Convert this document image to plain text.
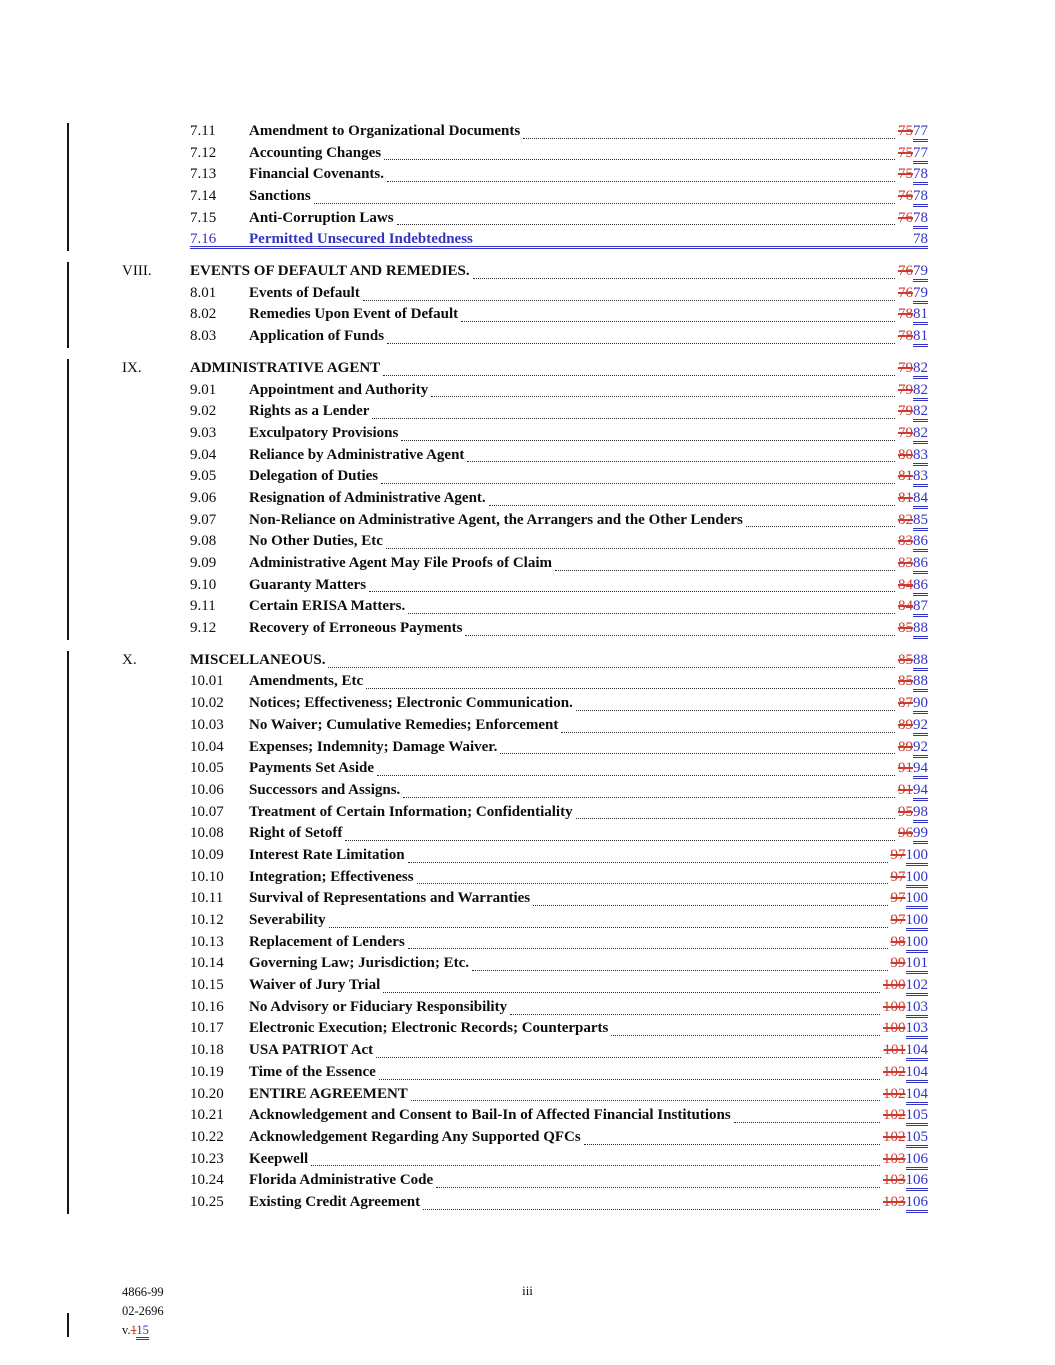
7.11	Amendment to Organizational Documents	7577
7.12	Accounting Changes	7577
7.13	Financial Covenants.	7578
7.14	Sanctions	7678
7.15	Anti-Corruption Laws	7678
7.16	Permitted Unsecured Indebtedness	78
VIII.	EVENTS OF DEFAULT AND REMEDIES.	7679
8.01	Events of Default	7679
8.02	Remedies Upon Event of Default	7881
8.03	Application of Funds	7881
IX.	ADMINISTRATIVE AGENT	7982
9.01	Appointment and Authority	7982
9.02	Rights as a Lender	7982
9.03	Exculpatory Provisions	7982
9.04	Reliance by Administrative Agent	8083
9.05	Delegation of Duties	8183
9.06	Resignation of Administrative Agent.	8184
9.07	Non-Reliance on Administrative Agent, the Arrangers and the Other Lenders	8285
9.08	No Other Duties, Etc	8386
9.09	Administrative Agent May File Proofs of Claim	8386
9.10	Guaranty Matters	8486
9.11	Certain ERISA Matters.	8487
9.12	Recovery of Erroneous Payments	8588
X.	MISCELLANEOUS.	8588
10.01	Amendments, Etc	8588
10.02	Notices; Effectiveness; Electronic Communication.	8790
10.03	No Waiver; Cumulative Remedies; Enforcement	8992
10.04	Expenses; Indemnity; Damage Waiver.	8992
10.05	Payments Set Aside	9194
10.06	Successors and Assigns.	9194
10.07	Treatment of Certain Information; Confidentiality	9598
10.08	Right of Setoff	9699
10.09	Interest Rate Limitation	97100
10.10	Integration; Effectiveness	97100
10.11	Survival of Representations and Warranties	97100
10.12	Severability	97100
10.13	Replacement of Lenders	98100
10.14	Governing Law; Jurisdiction; Etc.	99101
10.15	Waiver of Jury Trial	100102
10.16	No Advisory or Fiduciary Responsibility	100103
10.17	Electronic Execution; Electronic Records; Counterparts	100103
10.18	USA PATRIOT Act	101104
10.19	Time of the Essence	102104
10.20	ENTIRE AGREEMENT	102104
10.21	Acknowledgement and Consent to Bail-In of Affected Financial Institutions	102105
10.22	Acknowledgement Regarding Any Supported QFCs	102105
10.23	Keepwell	103106
10.24	Florida Administrative Code	103106
10.25	Existing Credit Agreement	103106
4866-99
02-2696
v.115
iii
